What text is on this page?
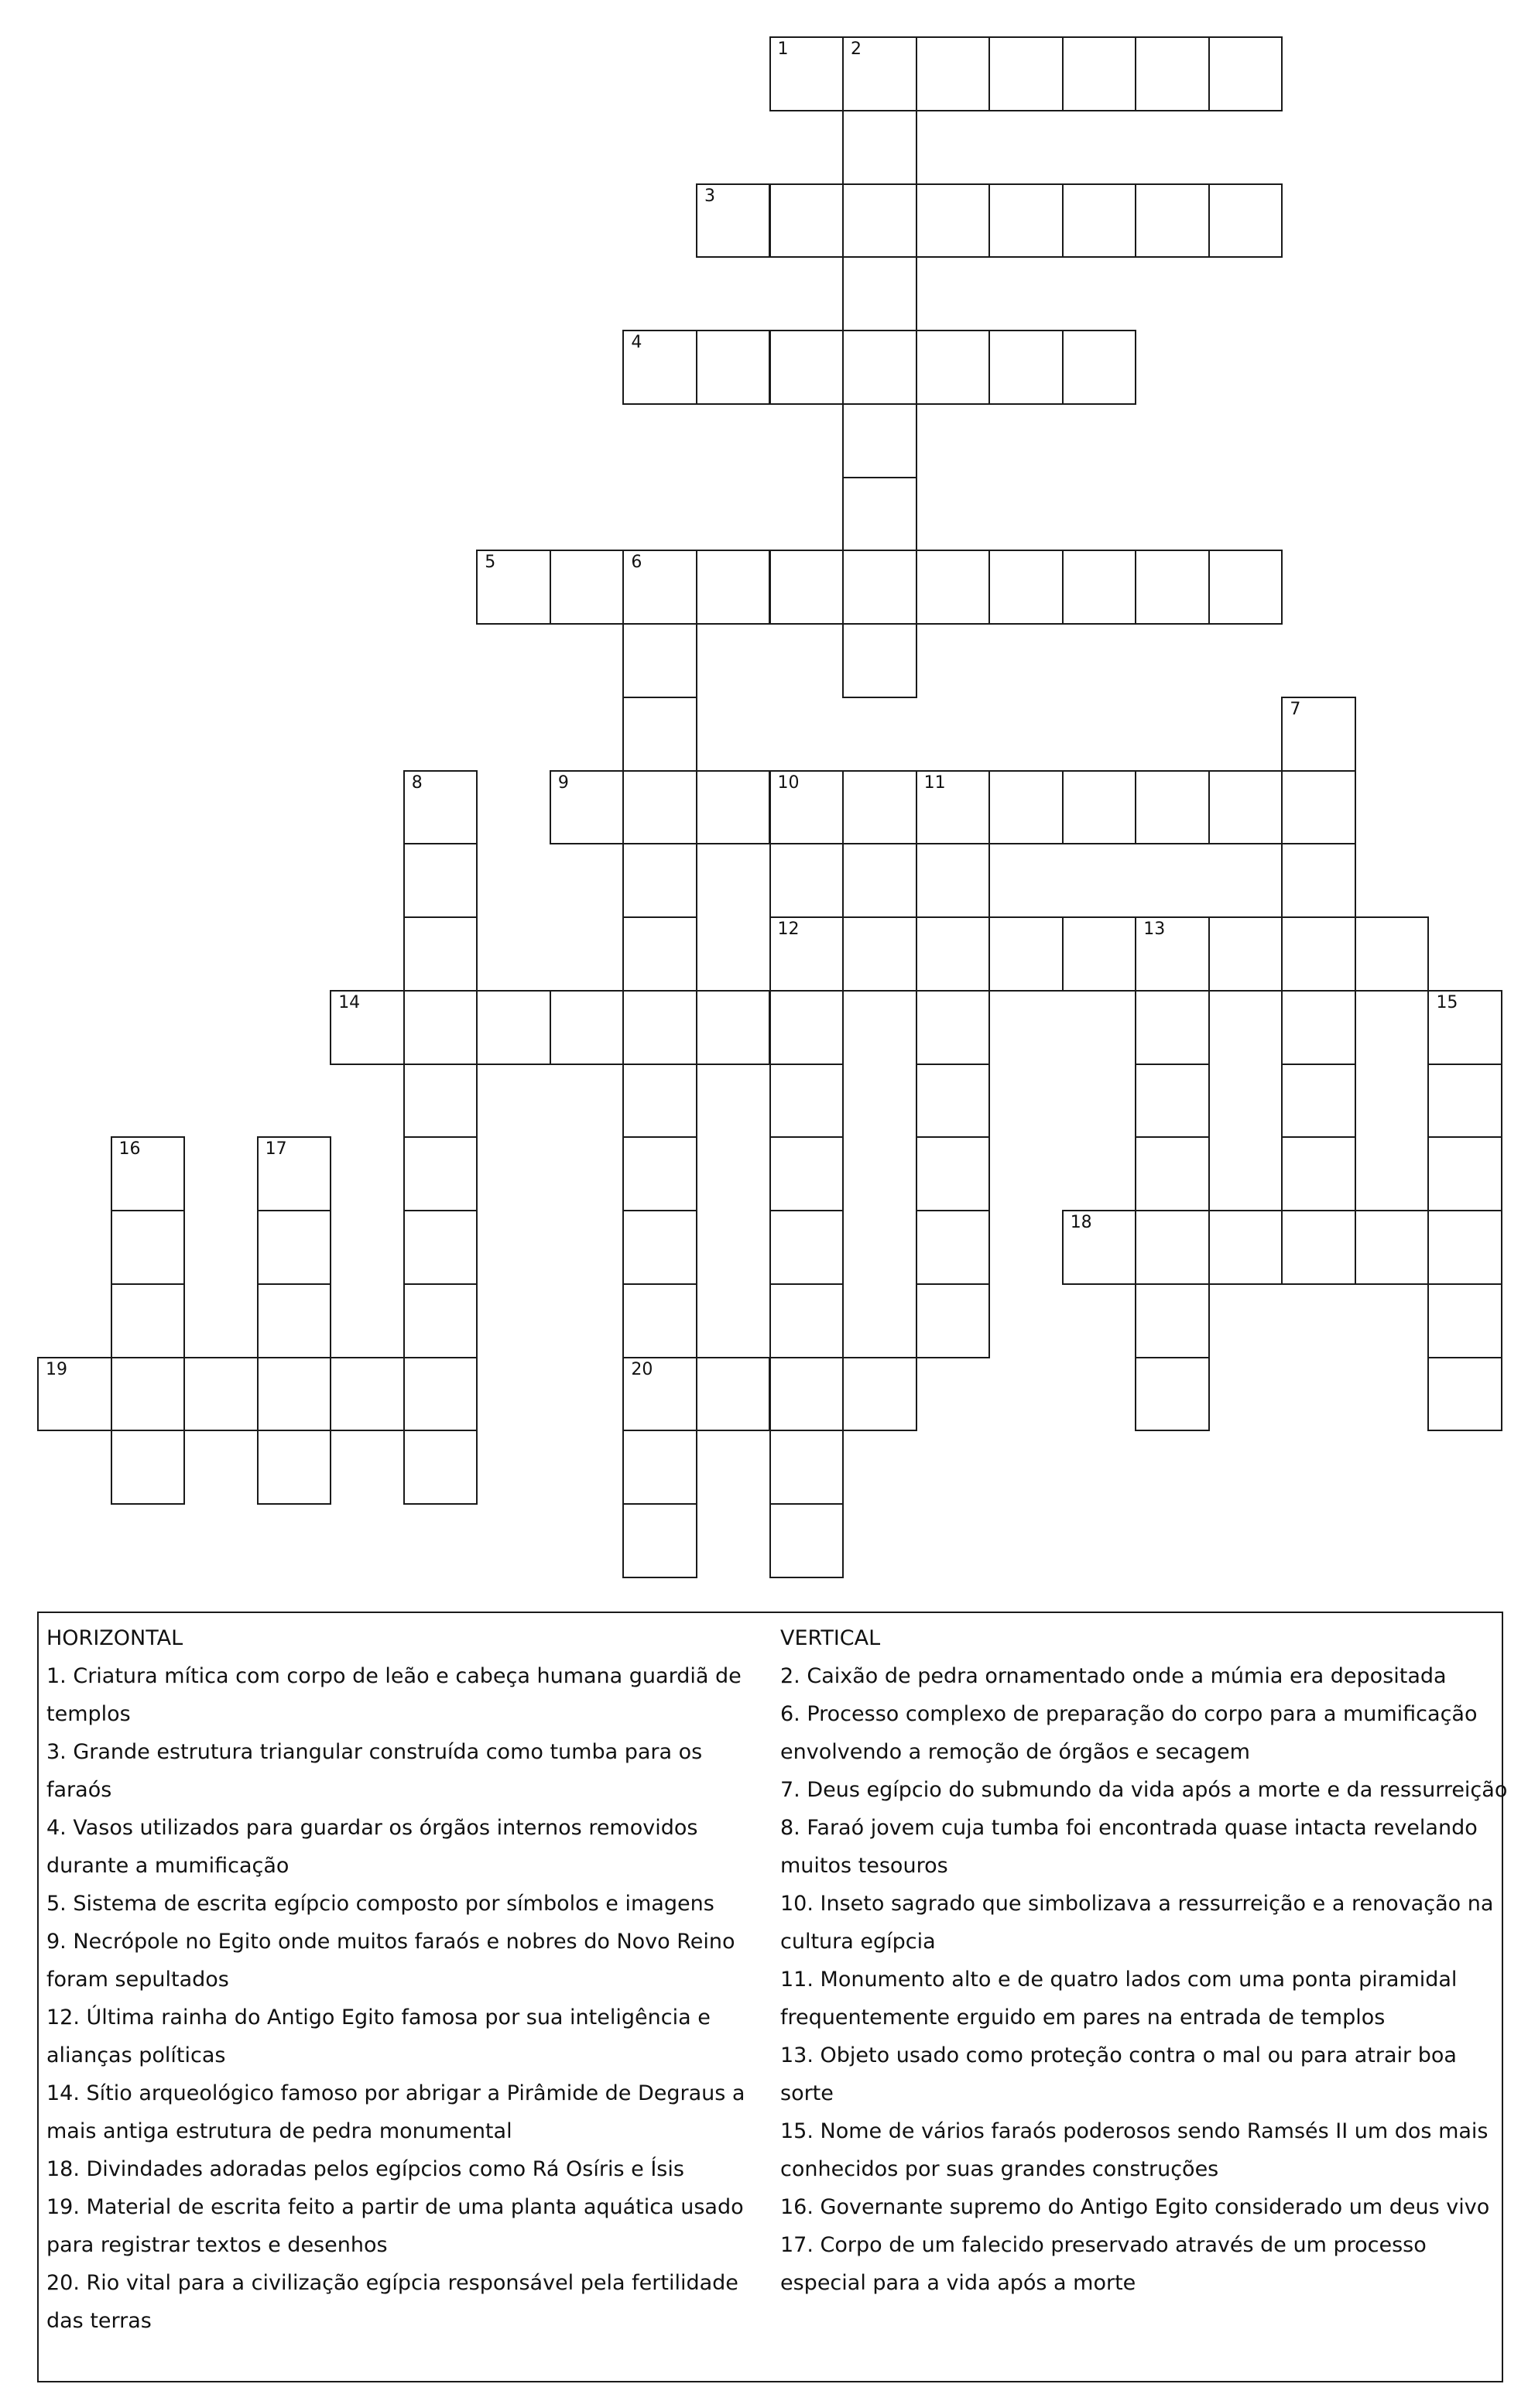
1	2
3
4
5	6
20
7
8	9	10	11
12	13
14	15
16	17
18
19

HORIZONTAL

1. Criatura mítica com corpo de leão e cabeça humana guardiã de

templos

3. Grande estrutura triangular construída como tumba para os

faraós

4. Vasos utilizados para guardar os órgãos internos removidos

durante a mumificação

5. Sistema de escrita egípcio composto por símbolos e imagens

9. Necrópole no Egito onde muitos faraós e nobres do Novo Reino

foram sepultados

12. Última rainha do Antigo Egito famosa por sua inteligência e

alianças políticas

14. Sítio arqueológico famoso por abrigar a Pirâmide de Degraus a

mais antiga estrutura de pedra monumental

18. Divindades adoradas pelos egípcios como Rá Osíris e Ísis

19. Material de escrita feito a partir de uma planta aquática usado

para registrar textos e desenhos

20. Rio vital para a civilização egípcia responsável pela fertilidade

das terras

VERTICAL

2. Caixão de pedra ornamentado onde a múmia era depositada

6. Processo complexo de preparação do corpo para a mumificação

envolvendo a remoção de órgãos e secagem

7. Deus egípcio do submundo da vida após a morte e da ressurreição

8. Faraó jovem cuja tumba foi encontrada quase intacta revelando

muitos tesouros

10. Inseto sagrado que simbolizava a ressurreição e a renovação na

cultura egípcia

11. Monumento alto e de quatro lados com uma ponta piramidal

frequentemente erguido em pares na entrada de templos

13. Objeto usado como proteção contra o mal ou para atrair boa

sorte

15. Nome de vários faraós poderosos sendo Ramsés II um dos mais

conhecidos por suas grandes construções

16. Governante supremo do Antigo Egito considerado um deus vivo

17. Corpo de um falecido preservado através de um processo

especial para a vida após a morte
